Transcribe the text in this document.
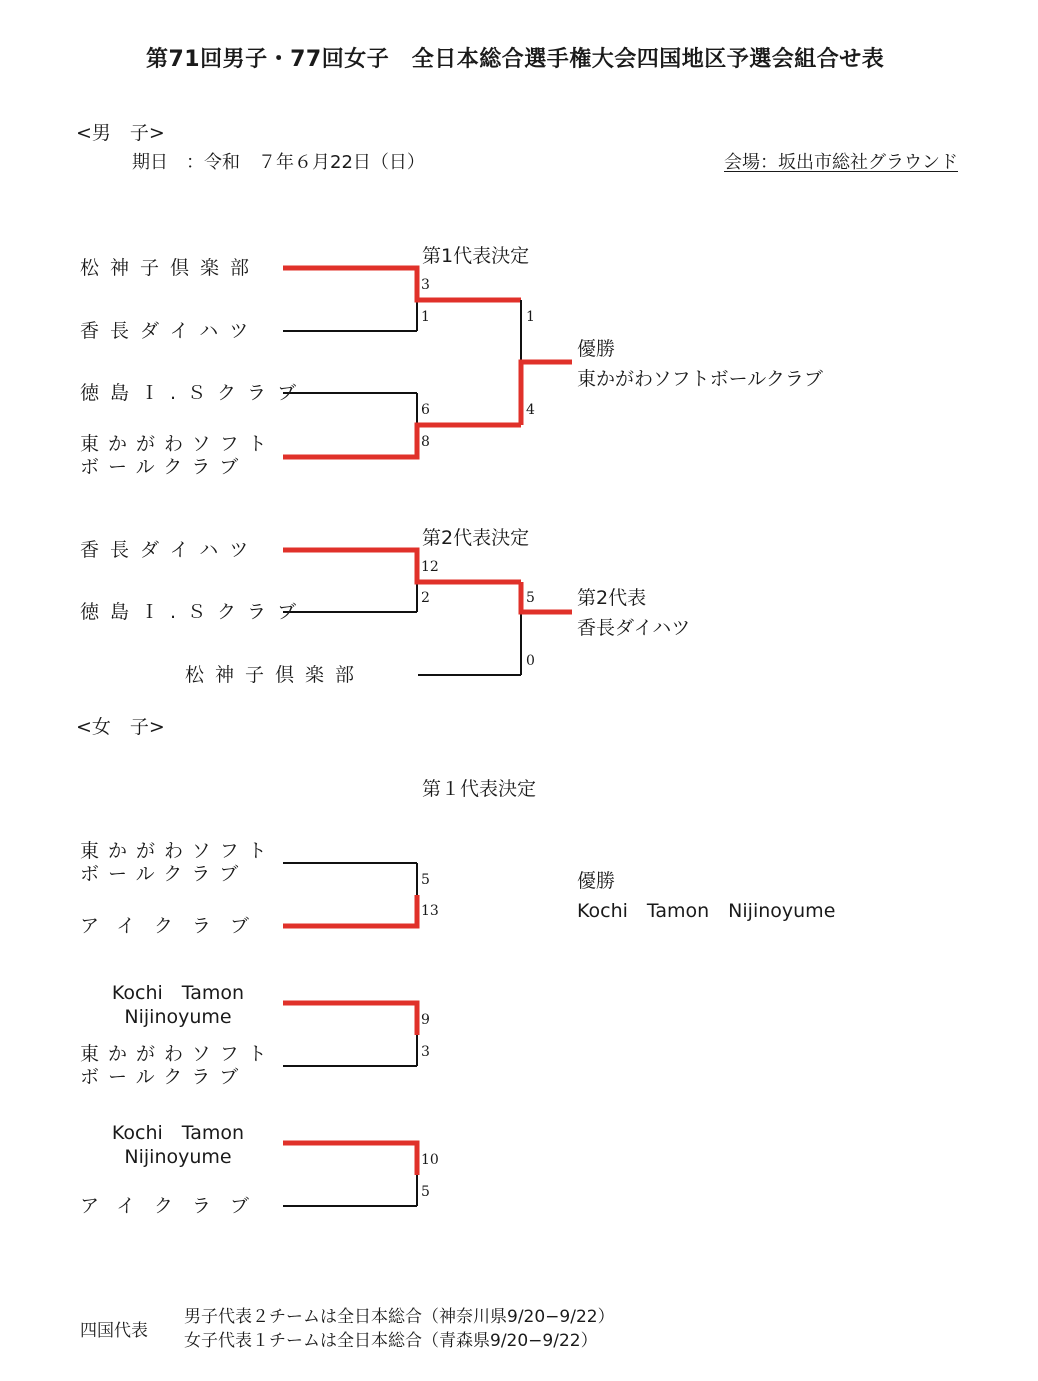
第71回男子・77回女子　全日本総合選手権大会四国地区予選会組合せ表
<男　子>
期日　：令和　７年６月22日（日）	会場：坂出市総社グラウンド
第1代表決定
松神子倶楽部
香長ダイハツ
徳島Ｉ.Ｓクラブ
東かがわソフト
ボールクラブ
3
1
6
8
1
4
優勝
東かがわソフトボールクラブ
第2代表決定
香長ダイハツ
徳島Ｉ.Ｓクラブ
松神子倶楽部
12
2	5
0
第2代表
香長ダイハツ
<女　子>
第１代表決定
東かがわソフト
ボールクラブ
アイクラブ
5
13
Kochi　Tamon
Nijinoyume
東かがわソフト
ボールクラブ
9
3
Kochi　Tamon
Nijinoyume
アイクラブ
10
5
優勝
Kochi　Tamon　Nijinoyume
四国代表
男子代表２チームは全日本総合（神奈川県9/20−9/22）
女子代表１チームは全日本総合（青森県9/20−9/22）
